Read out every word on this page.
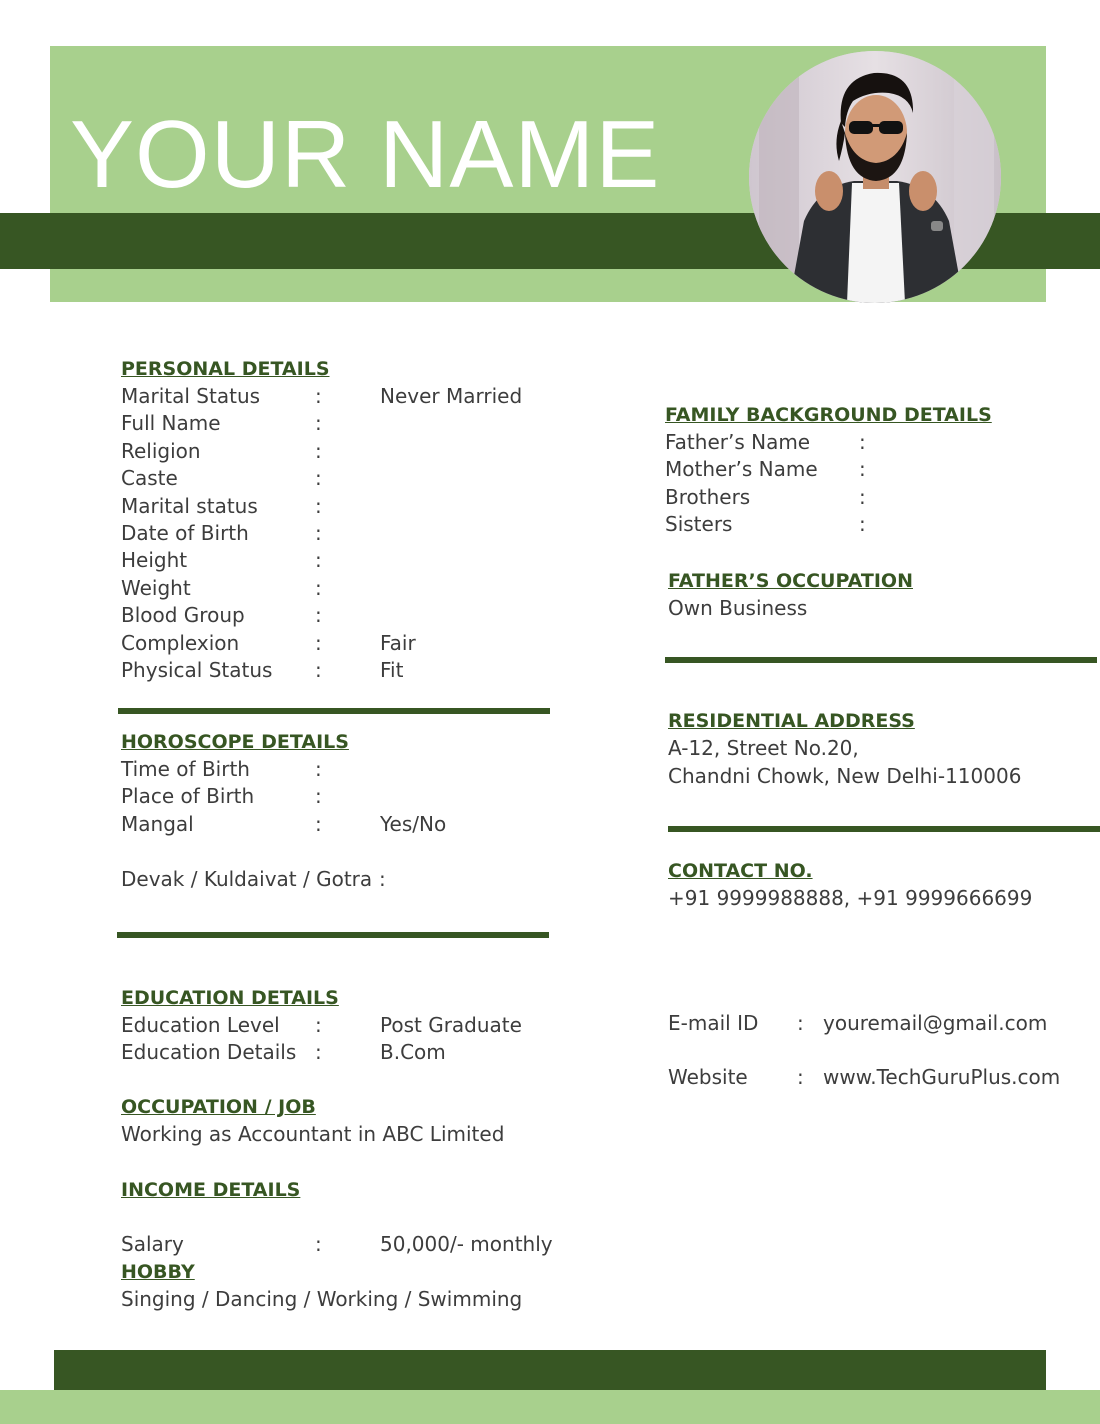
YOUR NAME
PERSONAL DETAILS
Marital Status	:	Never Married
Full Name	:
Religion	:
Caste	:
Marital status	:
Date of Birth	:
Height	:
Weight	:
Blood Group	:
Complexion	:	Fair
Physical Status :	Fit
HOROSCOPE DETAILS
Time of Birth	:
Place of Birth	:
Mangal	:	Yes/No
Devak / Kuldaivat / Gotra :
EDUCATION DETAILS
Education Level :	Post Graduate
Education Details :	B.Com
OCCUPATION / JOB
Working as Accountant in ABC Limited
INCOME DETAILS
Salary	:	50,000/- monthly
HOBBY
Singing / Dancing / Working / Swimming
FAMILY BACKGROUND DETAILS
Father’s Name :
Mother’s Name :
Brothers	:
Sisters	:
FATHER’S OCCUPATION
Own Business
RESIDENTIAL ADDRESS
A-12, Street No.20,
Chandni Chowk, New Delhi-110006
CONTACT NO.
+91 9999988888, +91 9999666699
E-mail ID : youremail@gmail.com
Website : www.TechGuruPlus.com
